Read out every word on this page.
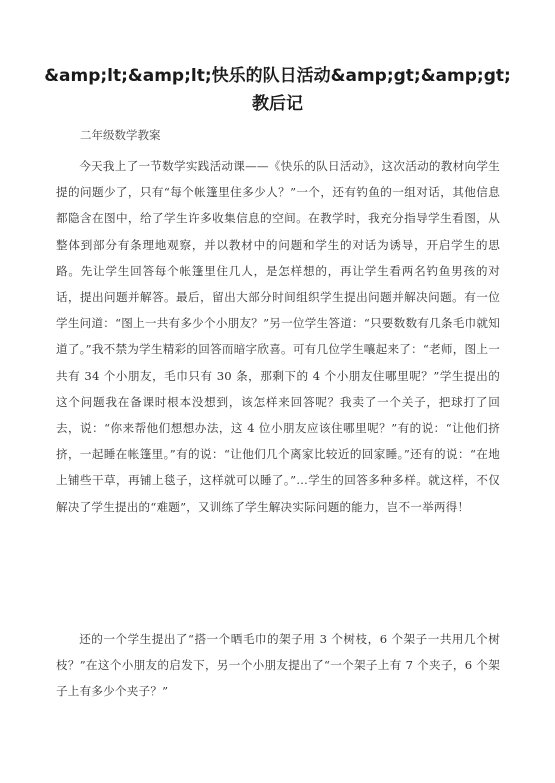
&amp;lt;&amp;lt;快乐的队日活动&amp;gt;&amp;gt;教后记

二年级数学教案

今天我上了一节数学实践活动课——《快乐的队日活动》，这次活动的教材向学生提的问题少了，只有“每个帐篷里住多少人？”一个，还有钓鱼的一组对话，其他信息都隐含在图中，给了学生许多收集信息的空间。在教学时，我充分指导学生看图，从整体到部分有条理地观察，并以教材中的问题和学生的对话为诱导，开启学生的思路。先让学生回答每个帐篷里住几人，是怎样想的，再让学生看两名钓鱼男孩的对话，提出问题并解答。最后，留出大部分时间组织学生提出问题并解决问题。有一位学生问道：“图上一共有多少个小朋友？”另一位学生答道：“只要数数有几条毛巾就知道了。”我不禁为学生精彩的回答而暗字欣喜。可有几位学生嚷起来了：“老师，图上一共有 34 个小朋友，毛巾只有 30 条，那剩下的 4 个小朋友住哪里呢？”学生提出的这个问题我在备课时根本没想到，该怎样来回答呢？我卖了一个关子，把球打了回去，说：“你来帮他们想想办法，这 4 位小朋友应该住哪里呢？”有的说：“让他们挤挤，一起睡在帐篷里。”有的说：“让他们几个离家比较近的回家睡。”还有的说：“在地上铺些干草，再铺上毯子，这样就可以睡了。”…学生的回答多种多样。就这样，不仅解决了学生提出的“难题”，又训练了学生解决实际问题的能力，岂不一举两得！

还的一个学生提出了“搭一个晒毛巾的架子用 3 个树枝，6 个架子一共用几个树枝？”在这个小朋友的启发下，另一个小朋友提出了“一个架子上有 7 个夹子，6 个架子上有多少个夹子？”
